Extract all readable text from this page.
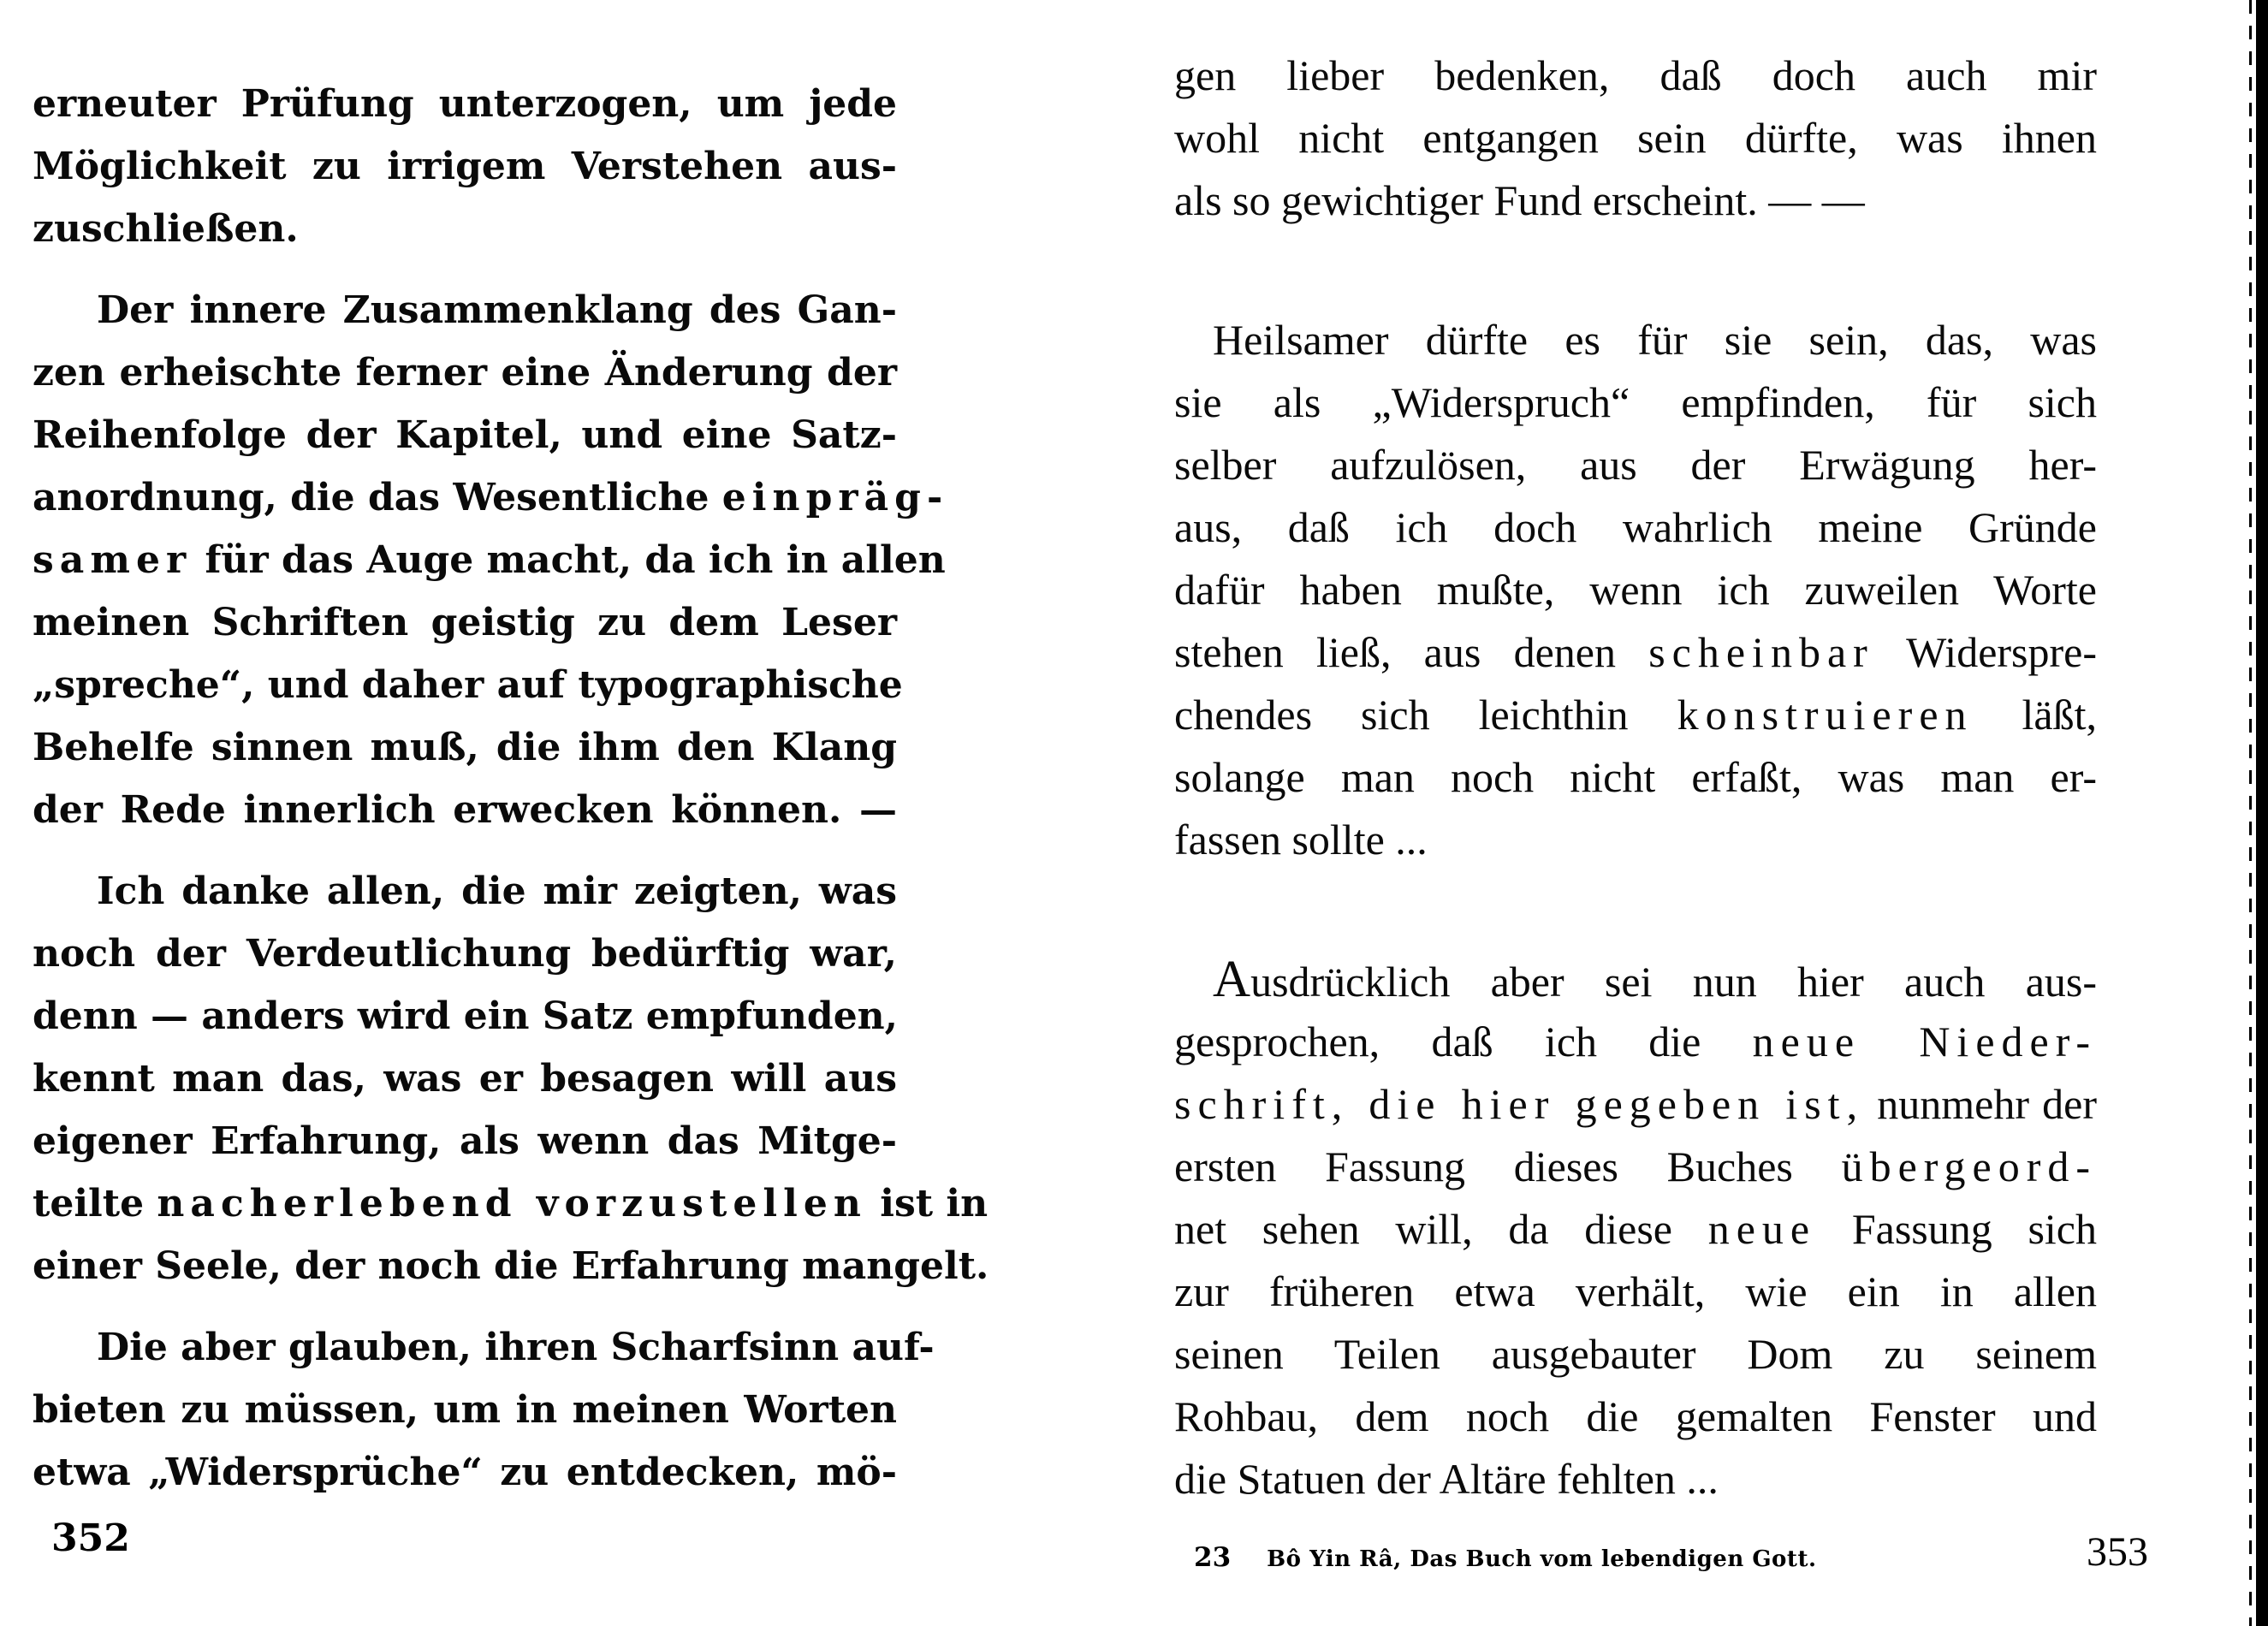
erneuter Prüfung unterzogen, um jede
Möglichkeit zu irrigem Verstehen aus-
zuschließen.
Der innere Zusammenklang des Gan-
zen erheischte ferner eine Änderung der
Reihenfolge der Kapitel, und eine Satz-
anordnung, die das Wesentliche einpräg-
samer für das Auge macht, da ich in allen
meinen Schriften geistig zu dem Leser
„spreche“, und daher auf typographische
Behelfe sinnen muß, die ihm den Klang
der Rede innerlich erwecken können. —
Ich danke allen, die mir zeigten, was
noch der Verdeutlichung bedürftig war,
denn — anders wird ein Satz empfunden,
kennt man das, was er besagen will aus
eigener Erfahrung, als wenn das Mitge-
teilte nacherlebend vorzustellen ist in
einer Seele, der noch die Erfahrung mangelt.
Die aber glauben, ihren Scharfsinn auf-
bieten zu müssen, um in meinen Worten
etwa „Widersprüche“ zu entdecken, mö-
gen lieber bedenken, daß doch auch mir
wohl nicht entgangen sein dürfte, was ihnen
als so gewichtiger Fund erscheint. — —
Heilsamer dürfte es für sie sein, das, was
sie als „Widerspruch“ empfinden, für sich
selber aufzulösen, aus der Erwägung her-
aus, daß ich doch wahrlich meine Gründe
dafür haben mußte, wenn ich zuweilen Worte
stehen ließ, aus denen scheinbar Widerspre-
chendes sich leichthin konstruieren läßt,
solange man noch nicht erfaßt, was man er-
fassen sollte ...
Ausdrücklich aber sei nun hier auch aus-
gesprochen, daß ich die neue Nieder-
schrift, die hier gegeben ist, nunmehr der
ersten Fassung dieses Buches übergeord-
net sehen will, da diese neue Fassung sich
zur früheren etwa verhält, wie ein in allen
seinen Teilen ausgebauter Dom zu seinem
Rohbau, dem noch die gemalten Fenster und
die Statuen der Altäre fehlten ...
352	23 Bô Yin Râ, Das Buch vom lebendigen Gott.	353
